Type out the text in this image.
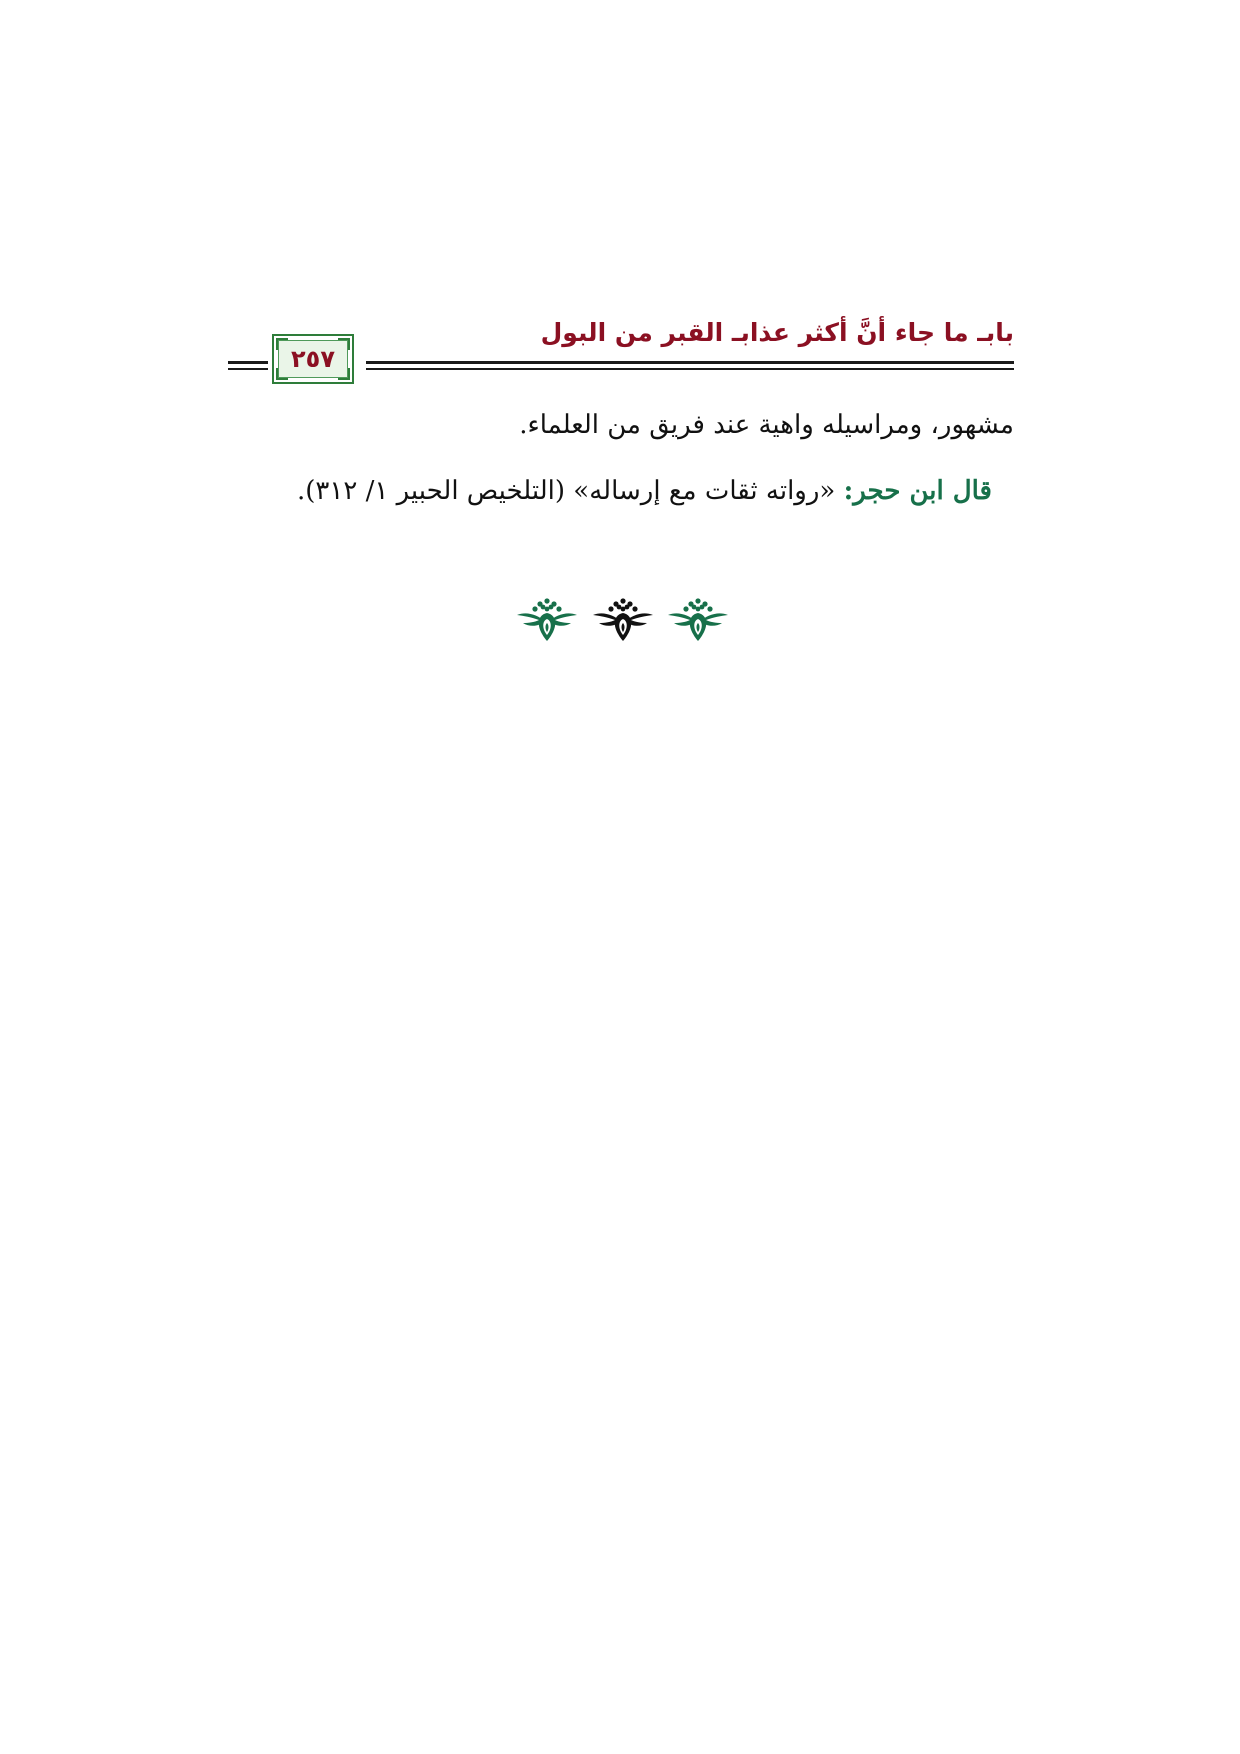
بابـ ما جاء أنَّ أكثر عذابـ القبر من البول
٢٥٧
مشهور، ومراسيله واهية عند فريق من العلماء.
قال ابن حجر: «رواته ثقات مع إرساله» (التلخيص الحبير ١/ ٣١٢).
